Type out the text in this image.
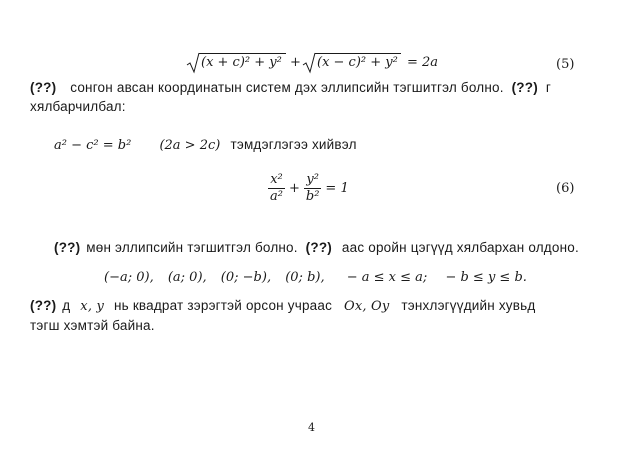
(x + c)² + y² + (x − c)² + y² = 2a	(5)
(??) сонгон авсан координатын систем дэх эллипсийн тэгшитгэл болно. (??) г
хялбарчилбал:
a² − c² = b² (2a > 2c) тэмдэглэгээ хийвэл
$\frac{\text{x²}}{\text{a²}} + \frac{\text{y²}}{\text{b²}} = 1$	(6)
(??) мөн эллипсийн тэгшитгэл болно. (??) аас оройн цэгүүд хялбархан олдоно.
(−a; 0), (a; 0), (0; −b), (0; b), − a ≤ x ≤ a; − b ≤ y ≤ b.
(??) д x, y нь квадрат зэрэгтэй орсон учраас Ox, Oy тэнхлэгүүдийн хувьд
тэгш хэмтэй байна.
4
